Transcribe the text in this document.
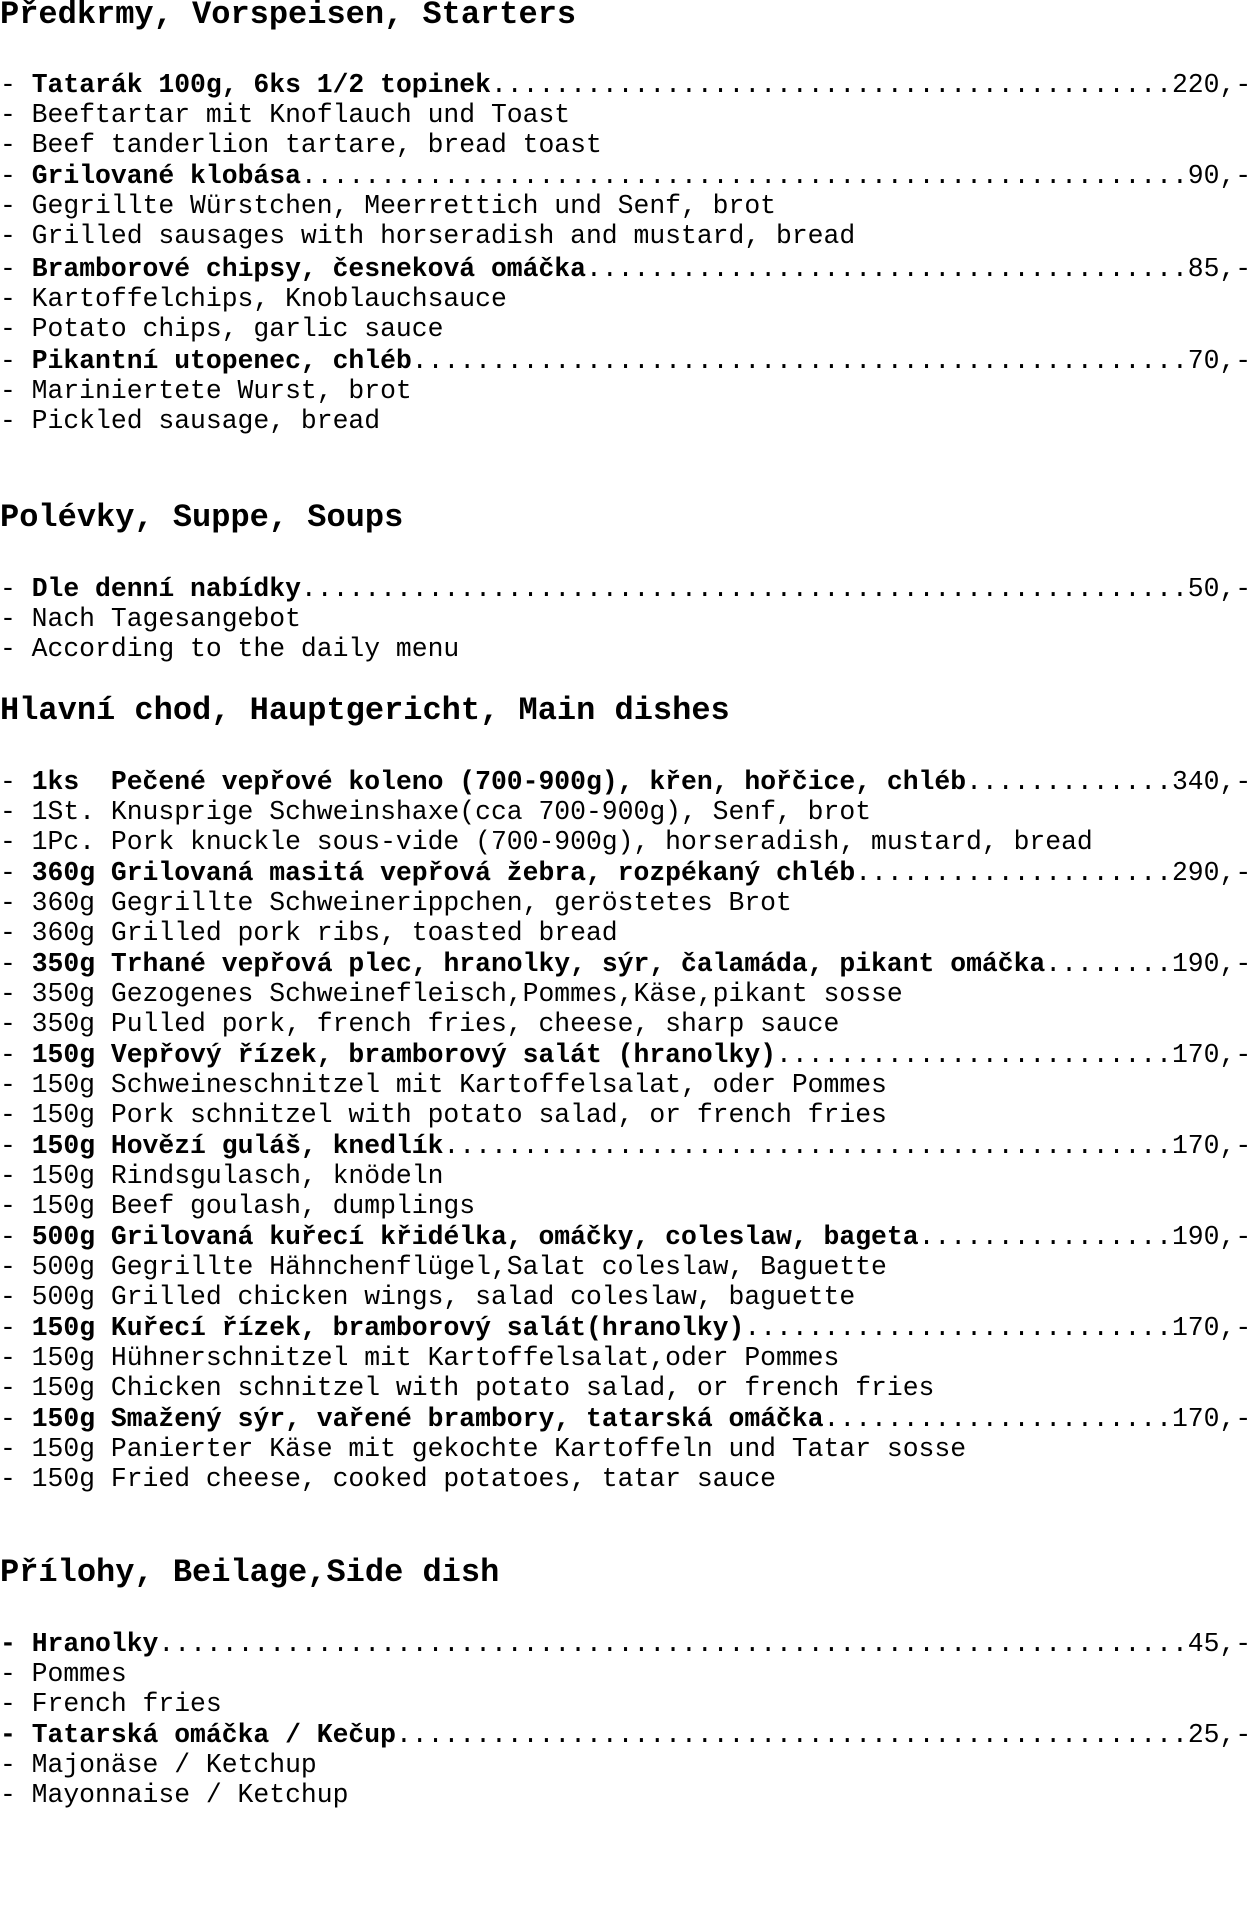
Předkrmy, Vorspeisen, Starters
- Tatarák 100g, 6ks 1/2 topinek...........................................220,-
- Beeftartar mit Knoflauch und Toast
- Beef tanderlion tartare, bread toast
- Grilované klobása........................................................90,-
- Gegrillte Würstchen, Meerrettich und Senf, brot
- Grilled sausages with horseradish and mustard, bread
- Bramborové chipsy, česneková omáčka......................................85,-
- Kartoffelchips, Knoblauchsauce
- Potato chips, garlic sauce
- Pikantní utopenec, chléb.................................................70,-
- Mariniertete Wurst, brot
- Pickled sausage, bread
Polévky, Suppe, Soups
- Dle denní nabídky........................................................50,-
- Nach Tagesangebot
- According to the daily menu
Hlavní chod, Hauptgericht, Main dishes
- 1ks  Pečené vepřové koleno (700-900g), křen, hořčice, chléb.............340,-
- 1St. Knusprige Schweinshaxe(cca 700-900g), Senf, brot
- 1Pc. Pork knuckle sous-vide (700-900g), horseradish, mustard, bread
- 360g Grilovaná masitá vepřová žebra, rozpékaný chléb....................290,-
- 360g Gegrillte Schweinerippchen, geröstetes Brot
- 360g Grilled pork ribs, toasted bread
- 350g Trhané vepřová plec, hranolky, sýr, čalamáda, pikant omáčka........190,-
- 350g Gezogenes Schweinefleisch,Pommes,Käse,pikant sosse
- 350g Pulled pork, french fries, cheese, sharp sauce
- 150g Vepřový řízek, bramborový salát (hranolky).........................170,-
- 150g Schweineschnitzel mit Kartoffelsalat, oder Pommes
- 150g Pork schnitzel with potato salad, or french fries
- 150g Hovězí guláš, knedlík..............................................170,-
- 150g Rindsgulasch, knödeln
- 150g Beef goulash, dumplings
- 500g Grilovaná kuřecí křidélka, omáčky, coleslaw, bageta................190,-
- 500g Gegrillte Hähnchenflügel,Salat coleslaw, Baguette
- 500g Grilled chicken wings, salad coleslaw, baguette
- 150g Kuřecí řízek, bramborový salát(hranolky)...........................170,-
- 150g Hühnerschnitzel mit Kartoffelsalat,oder Pommes
- 150g Chicken schnitzel with potato salad, or french fries
- 150g Smažený sýr, vařené brambory, tatarská omáčka......................170,-
- 150g Panierter Käse mit gekochte Kartoffeln und Tatar sosse
- 150g Fried cheese, cooked potatoes, tatar sauce
Přílohy, Beilage,Side dish
- Hranolky.................................................................45,-
- Pommes
- French fries
- Tatarská omáčka / Kečup..................................................25,-
- Majonäse / Ketchup
- Mayonnaise / Ketchup
